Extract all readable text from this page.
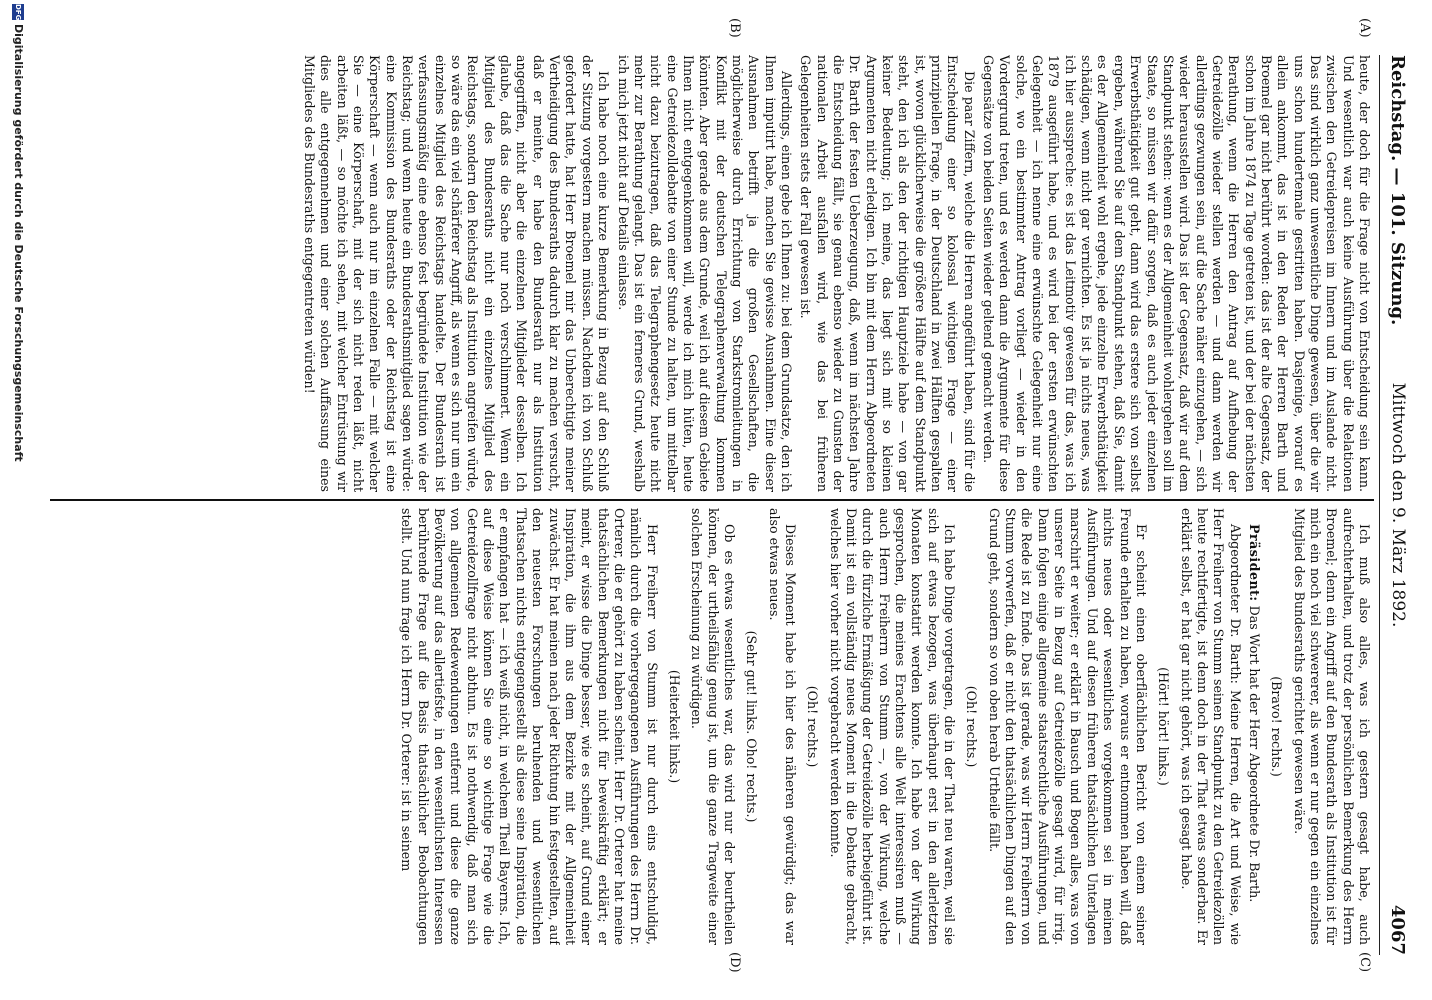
Reichstag. — 101. Sitzung.
Mittwoch den 9. März 1892.
4067
(A)
(B)
(C)
(D)

heute, der doch für die Frage nicht von Entscheidung sein kann. Und wesentlich war auch keine Ausführung über die Relationen zwischen den Getreidepreisen im Innern und im Auslande nicht. Das sind wirklich ganz unwesentliche Dinge gewesen, über die wir uns schon hundertemale gestritten haben. Dasjenige, worauf es allein ankommt, das ist in den Reden der Herren Barth und Broemel gar nicht berührt worden: das ist der alte Gegensatz, der schon im Jahre 1874 zu Tage getreten ist, und der bei der nächsten Berathung, wenn die Herren den Antrag auf Aufhebung der Getreidezölle wieder stellen werden — und dann werden wir allerdings gezwungen sein, auf die Sache näher einzugehen, — sich wieder herausstellen wird. Das ist der Gegensatz, daß wir auf dem Standpunkt stehen: wenn es der Allgemeinheit wohlergehen soll im Staate, so müssen wir dafür sorgen, daß es auch jeder einzelnen Erwerbsthätigkeit gut geht, dann wird das erstere sich von selbst ergeben, während Sie auf dem Standpunkt stehen, daß Sie, damit es der Allgemeinheit wohl ergehe, jede einzelne Erwerbsthätigkeit schädigen, wenn nicht gar vernichten. Es ist ja nichts neues, was ich hier ausspreche: es ist das Leitmotiv gewesen für das, was ich 1879 ausgeführt habe, und es wird bei der ersten erwünschten Gelegenheit — ich nenne eine erwünschte Gelegenheit nur eine solche, wo ein bestimmter Antrag vorliegt — wieder in den Vordergrund treten, und es werden dann die Argumente für diese Gegensätze von beiden Seiten wieder geltend gemacht werden.

Die paar Ziffern, welche die Herren angeführt haben, sind für die Entscheidung einer so kolossal wichtigen Frage — einer prinzipiellen Frage, in der Deutschland in zwei Hälften gespalten ist, wovon glücklicherweise die größere Hälfte auf dem Standpunkt steht, den ich als den der richtigen Hauptziele habe — von gar keiner Bedeutung; ich meine, das liegt sich mit so kleinen Argumenten nicht erledigen. Ich bin mit dem Herrn Abgeordneten Dr. Barth der festen Ueberzeugung, daß, wenn im nächsten Jahre die Entscheidung fällt, sie genau ebenso wieder zu Gunsten der nationalen Arbeit ausfallen wird, wie das bei früheren Gelegenheiten stets der Fall gewesen ist.

Allerdings, einen gebe ich Ihnen zu: bei dem Grundsatze, den ich Ihnen imputirt habe, machen Sie gewisse Ausnahmen. Eine dieser Ausnahmen betrifft ja die großen Gesellschaften, die möglicherweise durch Errichtung von Starkstromleitungen in Konflikt mit der deutschen Telegraphenverwaltung kommen könnten. Aber gerade aus dem Grunde, weil ich auf diesem Gebiete Ihnen nicht entgegenkommen will, werde ich mich hüten, heute eine Getreidezolldebatte von einer Stunde zu halten, um mittelbar nicht dazu beizutragen, daß das Telegraphengesetz heute nicht mehr zur Berathung gelangt. Das ist ein ferneres Grund, weshalb ich mich jetzt nicht auf Details einlasse.

Ich habe noch eine kurze Bemerkung in Bezug auf den Schluß der Sitzung vorgestern machen müssen. Nachdem ich von Schluß gefordert hatte, hat Herr Broemel mir das Unberechtigte meiner Vertheidigung des Bundesraths dadurch klar zu machen versucht, daß er meinte, er habe den Bundesrath nur als Institution angegriffen, nicht aber die einzelnen Mitglieder desselben. Ich glaube, daß das die Sache nur noch verschlimmert. Wenn ein Mitglied des Bundesraths nicht ein einzelnes Mitglied des Reichstags, sondern den Reichstag als Institution angreifen würde, so wäre das ein viel schärferer Angriff, als wenn es sich nur um ein einzelnes Mitglied des Reichstags handelte. Der Bundesrath ist verfassungsmäßig eine ebenso fest begründete Institution wie der Reichstag; und wenn heute ein Bundesrathsmitglied sagen würde: eine Kommission des Bundesraths oder der Reichstag ist eine Körperschaft — wenn auch nur im einzelnen Falle — mit welcher Sie — eine Körperschaft, mit der sich nicht reden läßt, nicht arbeiten läßt, — so möchte ich sehen, mit welcher Entrüstung wir dies alle entgegennehmen und einer solchen Auffassung eines Mitgliedes des Bundesraths entgegentreten würden!

Ich muß also alles, was ich gestern gesagt habe, auch aufrechterhalten, und trotz der persönlichen Bemerkung des Herrn Broemel; denn ein Angriff auf den Bundesrath als Institution ist für mich ein noch viel schwererer, als wenn er nur gegen ein einzelnes Mitglied des Bundesraths gerichtet gewesen wäre.

(Bravo! rechts.)

Präsident: Das Wort hat der Herr Abgeordnete Dr. Barth.

Abgeordneter Dr. Barth: Meine Herren, die Art und Weise, wie Herr Freiherr von Stumm seinen Standpunkt zu den Getreidezöllen heute rechtfertigte, ist denn doch in der That etwas sonderbar. Er erklärt selbst, er hat gar nicht gehört, was ich gesagt habe.

(Hört! hört! links.)

Er scheint einen oberflächlichen Bericht von einem seiner Freunde erhalten zu haben, woraus er entnommen haben will, daß nichts neues oder wesentliches vorgekommen sei in meinen Ausführungen. Und auf diesen früheren thatsächlichen Unterlagen marschirt er weiter; er erklärt in Bausch und Bogen alles, was von unserer Seite in Bezug auf Getreidezölle gesagt wird, für irrig. Dann folgen einige allgemeine staatsrechtliche Ausführungen, und die Rede ist zu Ende. Das ist gerade, was wir Herrn Freiherrn von Stumm vorwerfen, daß er nicht den thatsächlichen Dingen auf den Grund geht, sondern so von oben herab Urtheile fällt.

(Oh! rechts.)

Ich habe Dinge vorgetragen, die in der That neu waren, weil sie sich auf etwas bezogen, was überhaupt erst in den allerletzten Monaten konstatirt werden konnte. Ich habe von der Wirkung gesprochen, die meines Erachtens alle Welt interessiren muß — auch Herrn Freiherrn von Stumm —, von der Wirkung, welche durch die fürzliche Ermäßigung der Getreidezölle herbeigeführt ist. Damit ist ein vollständig neues Moment in die Debatte gebracht, welches hier vorher nicht vorgebracht werden konnte.

(Oh! rechts.)

Dieses Moment habe ich hier des näheren gewürdigt; das war also etwas neues.

(Sehr gut! links. Oho! rechts.)

Ob es etwas wesentliches war, das wird nur der beurtheilen können, der urtheilsfähig genug ist, um die ganze Tragweite einer solchen Erscheinung zu würdigen.

(Heiterkeit links.)

Herr Freiherr von Stumm ist nur durch eins entschuldigt, nämlich durch die vorhergegangenen Ausführungen des Herrn Dr. Orterer, die er gehört zu haben scheint. Herr Dr. Orterer hat meine thatsächlichen Bemerkungen nicht für beweiskräftig erklärt; er meint, er wisse die Dinge besser, wie es scheint, auf Grund einer Inspiration, die ihm aus dem Bezirke mit der Allgemeinheit zuwächst. Er hat meinen nach jeder Richtung hin festgestellten, auf den neuesten Forschungen beruhenden und wesentlichen Thatsachen nichts entgegengestellt als diese seine Inspiration, die er empfangen hat — ich weiß nicht, in welchem Theil Bayerns. Ich, auf diese Weise können Sie eine so wichtige Frage wie die Getreidezollfrage nicht abthun. Es ist nothwendig, daß man sich von allgemeinen Redewendungen entfernt und diese die ganze Bevölkerung auf das allertiefste, in den wesentlichsten Interessen berührende Frage auf die Basis thatsächlicher Beobachtungen stellt. Und nun frage ich Herrn Dr. Orterer: ist in seinem

DFG
Digitalisierung gefördert durch die Deutsche Forschungsgemeinschaft
